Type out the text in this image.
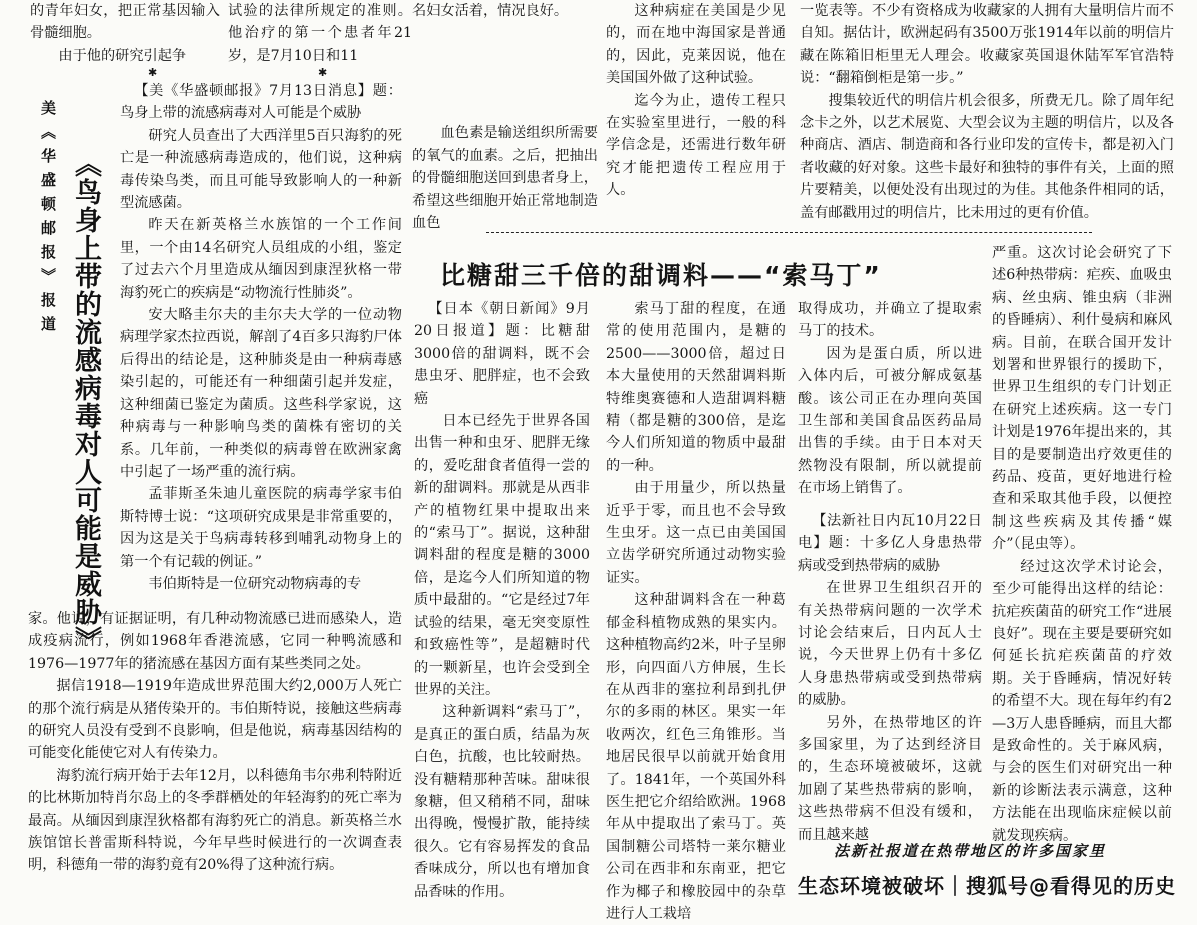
的青年妇女，把正常基因输入骨髓细胞。

由于他的研究引起争

试验的法律所规定的准则。他治疗的第一个患者年21岁，是7月10日和11

名妇女活着，情况良好。

血色素是输送组织所需要的氧气的血素。之后，把抽出的骨髓细胞送回到患者身上，希望这些细胞开始正常地制造血色

这种病症在美国是少见的，而在地中海国家是普通的，因此，克莱因说，他在美国国外做了这种试验。

迄今为止，遗传工程只在实验室里进行，一般的科学信念是，还需进行数年研究才能把遗传工程应用于人。

一览表等。不少有资格成为收藏家的人拥有大量明信片而不自知。据估计，欧洲起码有3500万张1914年以前的明信片藏在陈箱旧柜里无人理会。收藏家英国退休陆军军官浩特说：“翻箱倒柜是第一步。”

搜集较近代的明信片机会很多，所费无几。除了周年纪念卡之外，以艺术展览、大型会议为主题的明信片，以及各种商店、酒店、制造商和各行业印发的宣传卡，都是初入门者收藏的好对象。这些卡最好和独特的事件有关，上面的照片要精美，以便处没有出现过的为佳。其他条件相同的话，盖有邮戳用过的明信片，比未用过的更有价值。

✱	✱
美《华盛顿邮报》报道 《鸟身上带的流感病毒对人可能是威胁》

【美《华盛顿邮报》7月13日消息】题：鸟身上带的流感病毒对人可能是个威胁

研究人员查出了大西洋里5百只海豹的死亡是一种流感病毒造成的，他们说，这种病毒传染鸟类，而且可能导致影响人的一种新型流感菌。

昨天在新英格兰水族馆的一个工作间里，一个由14名研究人员组成的小组，鉴定了过去六个月里造成从缅因到康涅狄格一带海豹死亡的疾病是“动物流行性肺炎”。

安大略圭尔夫的圭尔夫大学的一位动物病理学家杰拉西说，解剖了4百多只海豹尸体后得出的结论是，这种肺炎是由一种病毒感染引起的，可能还有一种细菌引起并发症，这种细菌已鉴定为菌质。这些科学家说，这种病毒与一种影响鸟类的菌株有密切的关系。几年前，一种类似的病毒曾在欧洲家禽中引起了一场严重的流行病。

孟菲斯圣朱迪儿童医院的病毒学家韦伯斯特博士说：“这项研究成果是非常重要的，因为这是关于鸟病毒转移到哺乳动物身上的第一个有记载的例证。”

韦伯斯特是一位研究动物病毒的专

家。他说，有证据证明，有几种动物流感已进而感染人，造成疫病流行，例如1968年香港流感，它同一种鸭流感和1976—1977年的猪流感在基因方面有某些类同之处。

据信1918—1919年造成世界范围大约2,000万人死亡的那个流行病是从猪传染开的。韦伯斯特说，接触这些病毒的研究人员没有受到不良影响，但是他说，病毒基因结构的可能变化能使它对人有传染力。

海豹流行病开始于去年12月，以科德角韦尔弗利特附近的比林斯加特肖尔岛上的冬季群栖处的年轻海豹的死亡率为最高。从缅因到康涅狄格都有海豹死亡的消息。新英格兰水族馆馆长普雷斯科特说，今年早些时候进行的一次调查表明，科德角一带的海豹竟有20%得了这种流行病。

比糖甜三千倍的甜调料——“索马丁”

【日本《朝日新闻》9月20日报道】题：比糖甜3000倍的甜调料，既不会患虫牙、肥胖症，也不会致癌

日本已经先于世界各国出售一种和虫牙、肥胖无缘的，爱吃甜食者值得一尝的新的甜调料。那就是从西非产的植物红果中提取出来的“索马丁”。据说，这种甜调料甜的程度是糖的3000倍，是迄今人们所知道的物质中最甜的。“它是经过7年试验的结果，毫无突变原性和致癌性等”，是超糖时代的一颗新星，也许会受到全世界的关注。

这种新调料“索马丁”，是真正的蛋白质，结晶为灰白色，抗酸，也比较耐热。没有糖精那种苦味。甜味很象糖，但又稍稍不同，甜味出得晚，慢慢扩散，能持续很久。它有容易挥发的食品香味成分，所以也有增加食品香味的作用。

索马丁甜的程度，在通常的使用范围内，是糖的2500——3000倍，超过日本大量使用的天然甜调料斯特维奥赛德和人造甜调料糖精（都是糖的300倍，是迄今人们所知道的物质中最甜的一种。

由于用量少，所以热量近乎于零，而且也不会导致生虫牙。这一点已由美国国立齿学研究所通过动物实验证实。

这种甜调料含在一种葛郁金科植物成熟的果实内。这种植物高约2米，叶子呈卵形，向四面八方伸展，生长在从西非的塞拉利昂到扎伊尔的多雨的林区。果实一年收两次，红色三角锥形。当地居民很早以前就开始食用了。1841年，一个英国外科医生把它介绍给欧洲。1968年从中提取出了索马丁。英国制糖公司塔特一莱尔糖业公司在西非和东南亚，把它作为椰子和橡胶园中的杂草进行人工栽培

取得成功，并确立了提取索马丁的技术。

因为是蛋白质，所以进入体内后，可被分解成氨基酸。该公司正在办理向英国卫生部和美国食品医药品局出售的手续。由于日本对天然物没有限制，所以就提前在市场上销售了。

【法新社日内瓦10月22日电】题：十多亿人身患热带病或受到热带病的威胁

在世界卫生组织召开的有关热带病问题的一次学术讨论会结束后，日内瓦人士说，今天世界上仍有十多亿人身患热带病或受到热带病的威胁。

另外，在热带地区的许多国家里，为了达到经济目的，生态环境被破坏，这就加剧了某些热带病的影响，这些热带病不但没有缓和，而且越来越

严重。这次讨论会研究了下述6种热带病：疟疾、血吸虫病、丝虫病、锥虫病（非洲的昏睡病）、利什曼病和麻风病。目前，在联合国开发计划署和世界银行的援助下，世界卫生组织的专门计划正在研究上述疾病。这一专门计划是1976年提出来的，其目的是要制造出疗效更佳的药品、疫苗，更好地进行检查和采取其他手段，以便控制这些疾病及其传播“媒介”（昆虫等）。

经过这次学术讨论会，至少可能得出这样的结论：抗疟疾菌苗的研究工作“进展良好”。现在主要是要研究如何延长抗疟疾菌苗的疗效期。关于昏睡病，情况好转的希望不大。现在每年约有2—3万人患昏睡病，而且大都是致命性的。关于麻风病，与会的医生们对研究出一种新的诊断法表示满意，这种方法能在出现临床症候以前就发现疾病。

法新社报道在热带地区的许多国家里
生态环境被破坏｜搜狐号@看得见的历史
